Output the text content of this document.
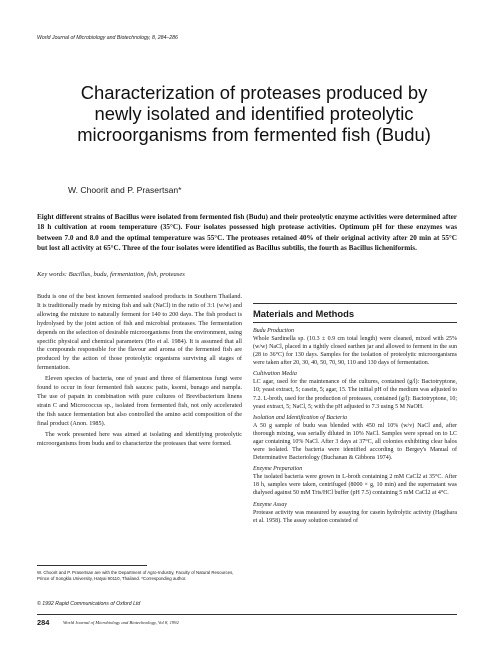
World Journal of Microbiology and Biotechnology, 8, 284–286
Characterization of proteases produced by newly isolated and identified proteolytic microorganisms from fermented fish (Budu)
W. Choorit and P. Prasertsan*
Eight different strains of Bacillus were isolated from fermented fish (Budu) and their proteolytic enzyme activities were determined after 18 h cultivation at room temperature (35°C). Four isolates possessed high protease activities. Optimum pH for these enzymes was between 7.0 and 8.0 and the optimal temperature was 55°C. The proteases retained 40% of their original activity after 20 min at 55°C but lost all activity at 65°C. Three of the four isolates were identified as Bacillus subtilis, the fourth as Bacillus licheniformis.
Key words: Bacillus, budu, fermentation, fish, proteases

Budu is one of the best known fermented seafood products in Southern Thailand. It is traditionally made by mixing fish and salt (NaCl) in the ratio of 3:1 (w/w) and allowing the mixture to naturally ferment for 140 to 200 days. The fish product is hydrolysed by the joint action of fish and microbial proteases. The fermentation depends on the selection of desirable microorganisms from the environment, using specific physical and chemical parameters (Ho et al. 1984). It is assumed that all the compounds responsible for the flavour and aroma of the fermented fish are produced by the action of those proteolytic organisms surviving all stages of fermentation.

Eleven species of bacteria, one of yeast and three of filamentous fungi were found to occur in four fermented fish sauces: patis, ksomi, bunago and nampla. The use of papain in combination with pure cultures of Brevibacterium linens strain C and Micrococcus sp., isolated from fermented fish, not only accelerated the fish sauce fermentation but also controlled the amino acid composition of the final product (Anon. 1985).

The work presented here was aimed at isolating and identifying proteolytic microorganisms from budu and to characterize the proteases that were formed.

W. Choorit and P. Prasertsan are with the Department of Agro-Industry, Faculty of Natural Resources, Prince of Songkla University, Hatyai 90110, Thailand. *Corresponding author.
© 1992 Rapid Communications of Oxford Ltd
Materials and Methods
Budu Production
Whole Sardinella sp. (10.3 ± 0.9 cm total length) were cleaned, mixed with 25% (w/w) NaCl, placed in a tightly closed earthen jar and allowed to ferment in the sun (28 to 36°C) for 130 days. Samples for the isolation of proteolytic microorganisms were taken after 20, 30, 40, 50, 70, 90, 110 and 130 days of fermentation.
Cultivation Media
LC agar, used for the maintenance of the cultures, contained (g/l): Bactotryptone, 10; yeast extract, 5; casein, 5; agar, 15. The initial pH of the medium was adjusted to 7.2. L-broth, used for the production of proteases, contained (g/l): Bactotryptone, 10; yeast extract, 5; NaCl, 5; with the pH adjusted to 7.3 using 5 M NaOH.
Isolation and Identification of Bacteria
A 50 g sample of budu was blended with 450 ml 10% (w/v) NaCl and, after thorough mixing, was serially diluted in 10% NaCl. Samples were spread on to LC agar containing 10% NaCl. After 3 days at 37°C, all colonies exhibiting clear halos were isolated. The bacteria were identified according to Bergey's Manual of Determinative Bacteriology (Buchanan & Gibbons 1974).
Enzyme Preparation
The isolated bacteria were grown in L-broth containing 2 mM CaCl2 at 35°C. After 18 h, samples were taken, centrifuged (8000 × g, 10 min) and the supernatant was dialysed against 50 mM Tris/HCl buffer (pH 7.5) containing 5 mM CaCl2 at 4°C.
Enzyme Assay
Protease activity was measured by assaying for casein hydrolytic activity (Hagihara et al. 1958). The assay solution consisted of
284	World Journal of Microbiology and Biotechnology, Vol 8, 1992
